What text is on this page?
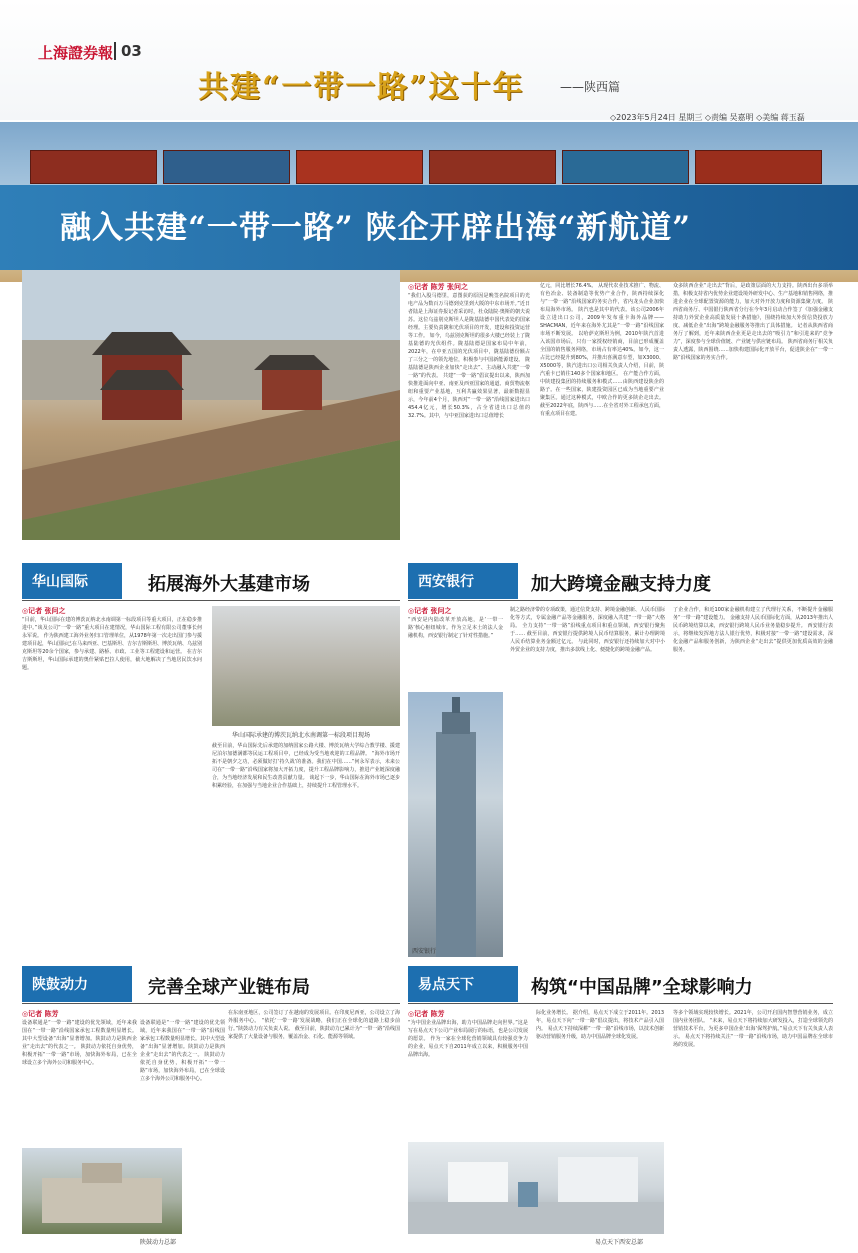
上海證券報 03
共建“一带一路”这十年	——陕西篇
◇2023年5月24日 星期三 ◇责编 吴嘉明 ◇美编 蒋玉磊
融入共建“一带一路” 陕企开辟出海“新航道”
◎记者 陈芳 张问之
“我们入股马德里，意图获的原因是晚签名院项目的光电产品为数百万马德到克里到大阪的中东市场开。”近日者陆是上海证券报记者采访时，杜众陆院·奥斯的朝夫说苏。这位乌兹别克斯坦人是陇基陆德中国代表处的国家经理。主要负责陇和光伏项目的开发，建设和投资运营等工作。 如今，乌兹别克斯坦的很多大楼已经装上了陇基陆德的光伏组件。陇基陆德是国家布局中年前，2022年，在中亚五国的光伏项目中，陇基陆德份额占了三分之一的领先地位，积极参与中国新能源建设。 陇基陆德是陕西企业加快“走出去”、主动融入共建“一带一路”的代表。 共建“一带一路”倡议提出以来，陕西加快推进面向中亚、南亚及西亚国家的通道、商贸物流枢纽和重要产业基地，互利共赢效果显著，最新数据显示，今年前4个月，陕西对“一带一路”沿线国家进出口454.4亿元，增长50.3%，占全省进出口总值的32.7%。其中，与中亚国家进出口总值增长
亿元，同比增长76.4%。 从现代农业技术推广、物流、有色冶金、装备制造等优势产业合作，陕西持续深化与“一带一路”沿线国家的务实合作，省内龙头企业加快布局海外市场。 陕汽也是其中的代表。该公司2006年设立进出口公司，2009年发布重卡海外品牌——SHACMAN，近年来在海外尤其是“一带一路”沿线国家市场不断发展。 以哈萨克斯坦为例，2010年陕汽首进入该国市场后，只有一家授权经销商，目前已形成覆盖全国的销售服务网络，市场占有率达40%。如今，这一占比已经提升到80%，并推出喜满意车型，如X3000、X5000等，陕汽进出口公司相关负责人介绍，目前，陕汽重卡已销往140多个国家和地区。 在产能合作方面，中陕建投集团的持续服务和模式……由陕西建设陕企的路子。在一些国家，陕建投资园区已成为当地重要产业聚集区。通过这种模式，中欧合作的更多陕企走出去。 截至2022年底，陕西与……在全省对外工程承包方面，有重点项目在建。
众多陕西企业“走出去”背后，是政策层面的大力支持。陕西出台多项举措，积极支持省内优势企业建设境外研发中心、生产基地和销售网络，推进企业在全球配置资源的能力，加大对外开放力度和资源集聚力度。 陕西省商务厅、中国银行陕西省分行在今年3月启动合作签了《加强金融支持助力外贸企业高质量发展十条措施》，围绕持续加大外贸信贷投放力度、减低企业“出海”跨境金融服务等推出了具体措施。 记者从陕西省商务厅了解到，近年来陕西企业更是走出去的“吸引力”和引进来的“竞争力”，深度参与全球价值链、产业链与供应链布局。 陕西省商务厅相关负责人透露，陕西围绕……加快构建国际化开放平台，促进陕企在“一带一路”沿线国家的务实合作。
华山国际	拓展海外大基建市场
◎记者 张问之
“目前，华山国际在建的博茨瓦纳北水南调第一标段项目等重大项目，正在稳步推进中。”谈及公司“一带一路”重大项目在建情况，华山国际工程有限公司董事长何永军说。 作为陕西建工海外业务归口管理单位，从1978年第一次走出国门参与援建项目起，华山国际已在马来西亚、巴基斯坦、吉尔吉斯斯坦、博茨瓦纳、乌兹别克斯坦等20余个国家，参与承建、路桥、市政、工业等工程建设和运营。 在吉尔吉斯斯坦，华山国际承建的奥什紧贴巴拉人使用，截大地解决了当地居民饮水问题。
华山国际承建的博茨瓦纳北水南调第一标段项目现场
截至目前，华山国际先后承建的加纳国家公路大楼、博茨瓦纳大学综合教学楼、援建尼泊尔加德满都等民运工程项目中，已经成为受当地欢迎的工程品牌。 “海外市场开拓不是朝夕之功，必须做好打‘持久战’的准备。我们在中国……”何永军表示，未来公司在“一带一路”沿线国家将加大开拓力度，提升工程品牌影响力，推进产业链深度融合，为当地经济发展和民生改善贡献力量。 谈起下一步，华山国际在海外市场已逐步积累经验，在加强与当地企业合作基础上，持续提升工程管理水平。
西安银行	加大跨境金融支持力度
◎记者 张问之
“西安是内陆改革开放高地，是‘一带一路’核心枢纽城市。作为立足本土的法人金融机构，西安银行制定了针对性措施。”
西安银行
制之路经济带的专项政策，通过信贷支持、跨境金融创新、人民币国际化等方式，专属金融产品等金融服务，深度融入共建“一带一路”大格局。 全力支持“一带一路”沿线重点项目和重点领域，西安银行聚焦于…… 截至目前，西安银行提供跨境人民币结算服务，累计办理跨境人民币结算业务金额过亿元。 与此同时，西安银行还持续加大对中小外贸企业的支持力度，推出多款线上化、便捷化的跨境金融产品。
了企业合作，和近100家金融机构建立了代理行关系，不断提升金融服务“一带一路”建设能力。 金融支持人民币国际化方面，从2013年推出人民币跨境结算以来，西安银行跨境人民币业务量稳步提升。 西安银行表示，将继续发挥地方法人银行优势，积极对接“一带一路”建设需求，深化金融产品和服务创新，为陕西企业“走出去”提供更加优质高效的金融服务。
陕鼓动力	完善全球产业链布局
◎记者 陈芳
设备联通是“一带一路”建设的优先领域，近年来我国在“一带一路”沿线国家承包工程数量明显增长。其中大型设备“出海”显著增加。陕鼓动力是陕西企业“走出去”的代表之一。 陕鼓动力依托自身优势，积极开拓“一带一路”市场，加快海外布局，已在全球设立多个海外公司和服务中心。
陕鼓动力总部
设备联通是“一带一路”建设的优先领域，近年来我国在“一带一路”沿线国家承包工程数量明显增长。其中大型设备“出海”显著增加。陕鼓动力是陕西企业“走出去”的代表之一。 陕鼓动力依托自身优势，积极开拓“一带一路”市场，加快海外布局，已在全球设立多个海外公司和服务中心。
在东南亚地区，公司签订了在越南的发展项目。在印度尼西亚，公司设立了海外服务中心。 “依托‘一带一路’发展战略，我们正在全球化的道路上稳步前行。”陕鼓动力有关负责人说。 截至目前，陕鼓动力已累计为“一带一路”沿线国家提供了大量设备与服务，覆盖冶金、石化、能源等领域。
易点天下	构筑“中国品牌”全球影响力
◎记者 陈芳
“为中国企业品牌出海，助力中国品牌走向世界。”这是写在易点天下公司产业布局展厅的标语，也是公司发展的愿景。 作为一家在全球化营销领域具有较强竞争力的企业，易点天下自2011年成立以来，积极服务中国品牌出海。
际化业务增长。 据介绍，易点天下成立于2011年。2013年，易点天下向“一带一路”倡议提出，将技术产品引入国内。 易点天下持续深耕“一带一路”沿线市场，以技术创新驱动营销服务升级，助力中国品牌全球化发展。
易点天下西安总部
等多个领域实现较快增长。2021年，公司开启国内智慧营销业务，成立国内业务团队。 “未来，易点天下将持续加大研发投入，打造全球领先的营销技术平台，为更多中国企业‘出海’保驾护航。”易点天下有关负责人表示。 易点天下将持续关注“一带一路”沿线市场，助力中国品牌在全球市场的发展。
